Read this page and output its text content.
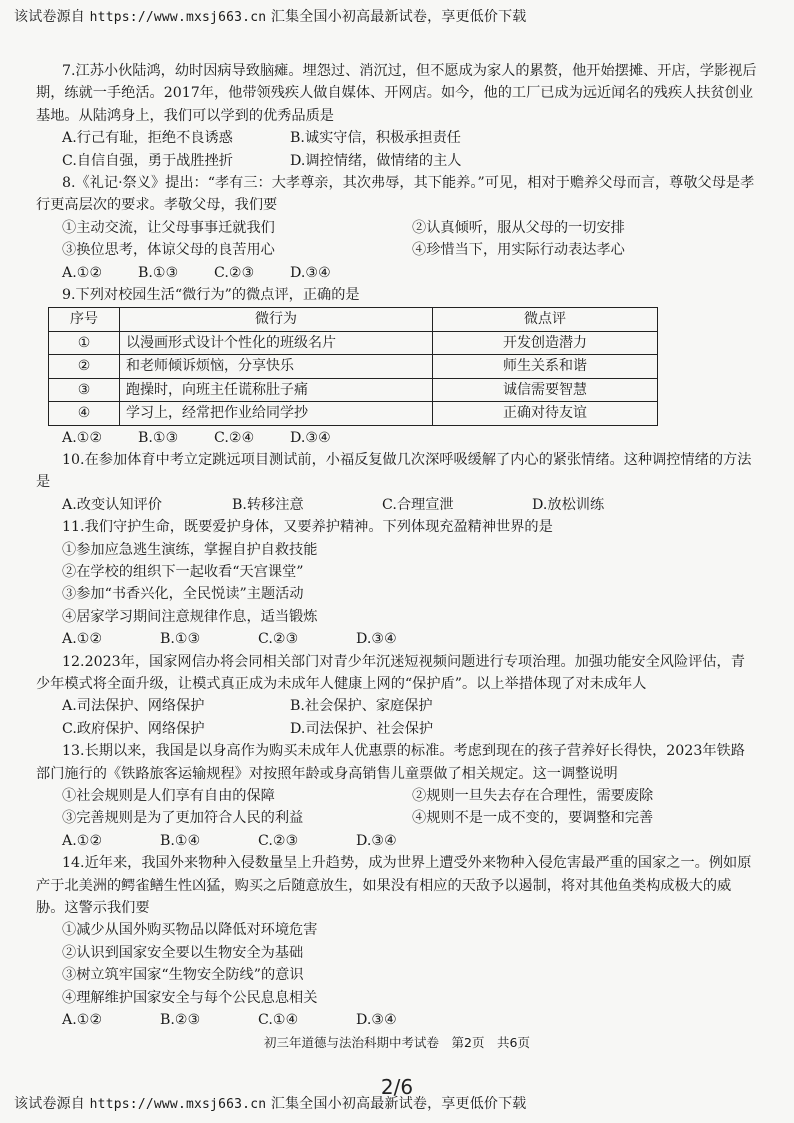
该试卷源自 https://www.mxsj663.cn 汇集全国小初高最新试卷，享更低价下载

7.江苏小伙陆鸿，幼时因病导致脑瘫。埋怨过、消沉过，但不愿成为家人的累赘，他开始摆摊、开店，学影视后期，练就一手绝活。2017年，他带领残疾人做自媒体、开网店。如今，他的工厂已成为远近闻名的残疾人扶贫创业基地。从陆鸿身上，我们可以学到的优秀品质是

A.行己有耻，拒绝不良诱惑	B.诚实守信，积极承担责任
C.自信自强，勇于战胜挫折	D.调控情绪，做情绪的主人

8.《礼记·祭义》提出：“孝有三：大孝尊亲，其次弗辱，其下能养。”可见，相对于赡养父母而言，尊敬父母是孝行更高层次的要求。孝敬父母，我们要

①主动交流，让父母事事迁就我们	②认真倾听，服从父母的一切安排
③换位思考，体谅父母的良苦用心	④珍惜当下，用实际行动表达孝心
A.①②	B.①③	C.②③	D.③④

9.下列对校园生活“微行为”的微点评，正确的是

序号	微行为	微点评
①	以漫画形式设计个性化的班级名片	开发创造潜力
②	和老师倾诉烦恼，分享快乐	师生关系和谐
③	跑操时，向班主任谎称肚子痛	诚信需要智慧
④	学习上，经常把作业给同学抄	正确对待友谊
A.①②	B.①③	C.②④	D.③④

10.在参加体育中考立定跳远项目测试前，小福反复做几次深呼吸缓解了内心的紧张情绪。这种调控情绪的方法是

A.改变认知评价	B.转移注意	C.合理宣泄	D.放松训练

11.我们守护生命，既要爱护身体，又要养护精神。下列体现充盈精神世界的是

①参加应急逃生演练，掌握自护自救技能

②在学校的组织下一起收看“天宫课堂”

③参加“书香兴化，全民悦读”主题活动

④居家学习期间注意规律作息，适当锻炼

A.①②	B.①③	C.②③	D.③④

12.2023年，国家网信办将会同相关部门对青少年沉迷短视频问题进行专项治理。加强功能安全风险评估，青少年模式将全面升级，让模式真正成为未成年人健康上网的“保护盾”。以上举措体现了对未成年人

A.司法保护、网络保护	B.社会保护、家庭保护
C.政府保护、网络保护	D.司法保护、社会保护

13.长期以来，我国是以身高作为购买未成年人优惠票的标准。考虑到现在的孩子营养好长得快，2023年铁路部门施行的《铁路旅客运输规程》对按照年龄或身高销售儿童票做了相关规定。这一调整说明

①社会规则是人们享有自由的保障	②规则一旦失去存在合理性，需要废除
③完善规则是为了更加符合人民的利益	④规则不是一成不变的，要调整和完善
A.①②	B.①④	C.②③	D.③④

14.近年来，我国外来物种入侵数量呈上升趋势，成为世界上遭受外来物种入侵危害最严重的国家之一。例如原产于北美洲的鳄雀鳝生性凶猛，购买之后随意放生，如果没有相应的天敌予以遏制，将对其他鱼类构成极大的威胁。这警示我们要

①减少从国外购买物品以降低对环境危害

②认识到国家安全要以生物安全为基础

③树立筑牢国家“生物安全防线”的意识

④理解维护国家安全与每个公民息息相关

A.①②	B.②③	C.①④	D.③④
初三年道德与法治科期中考试卷　第2页　共6页
2/6
该试卷源自 https://www.mxsj663.cn 汇集全国小初高最新试卷，享更低价下载
